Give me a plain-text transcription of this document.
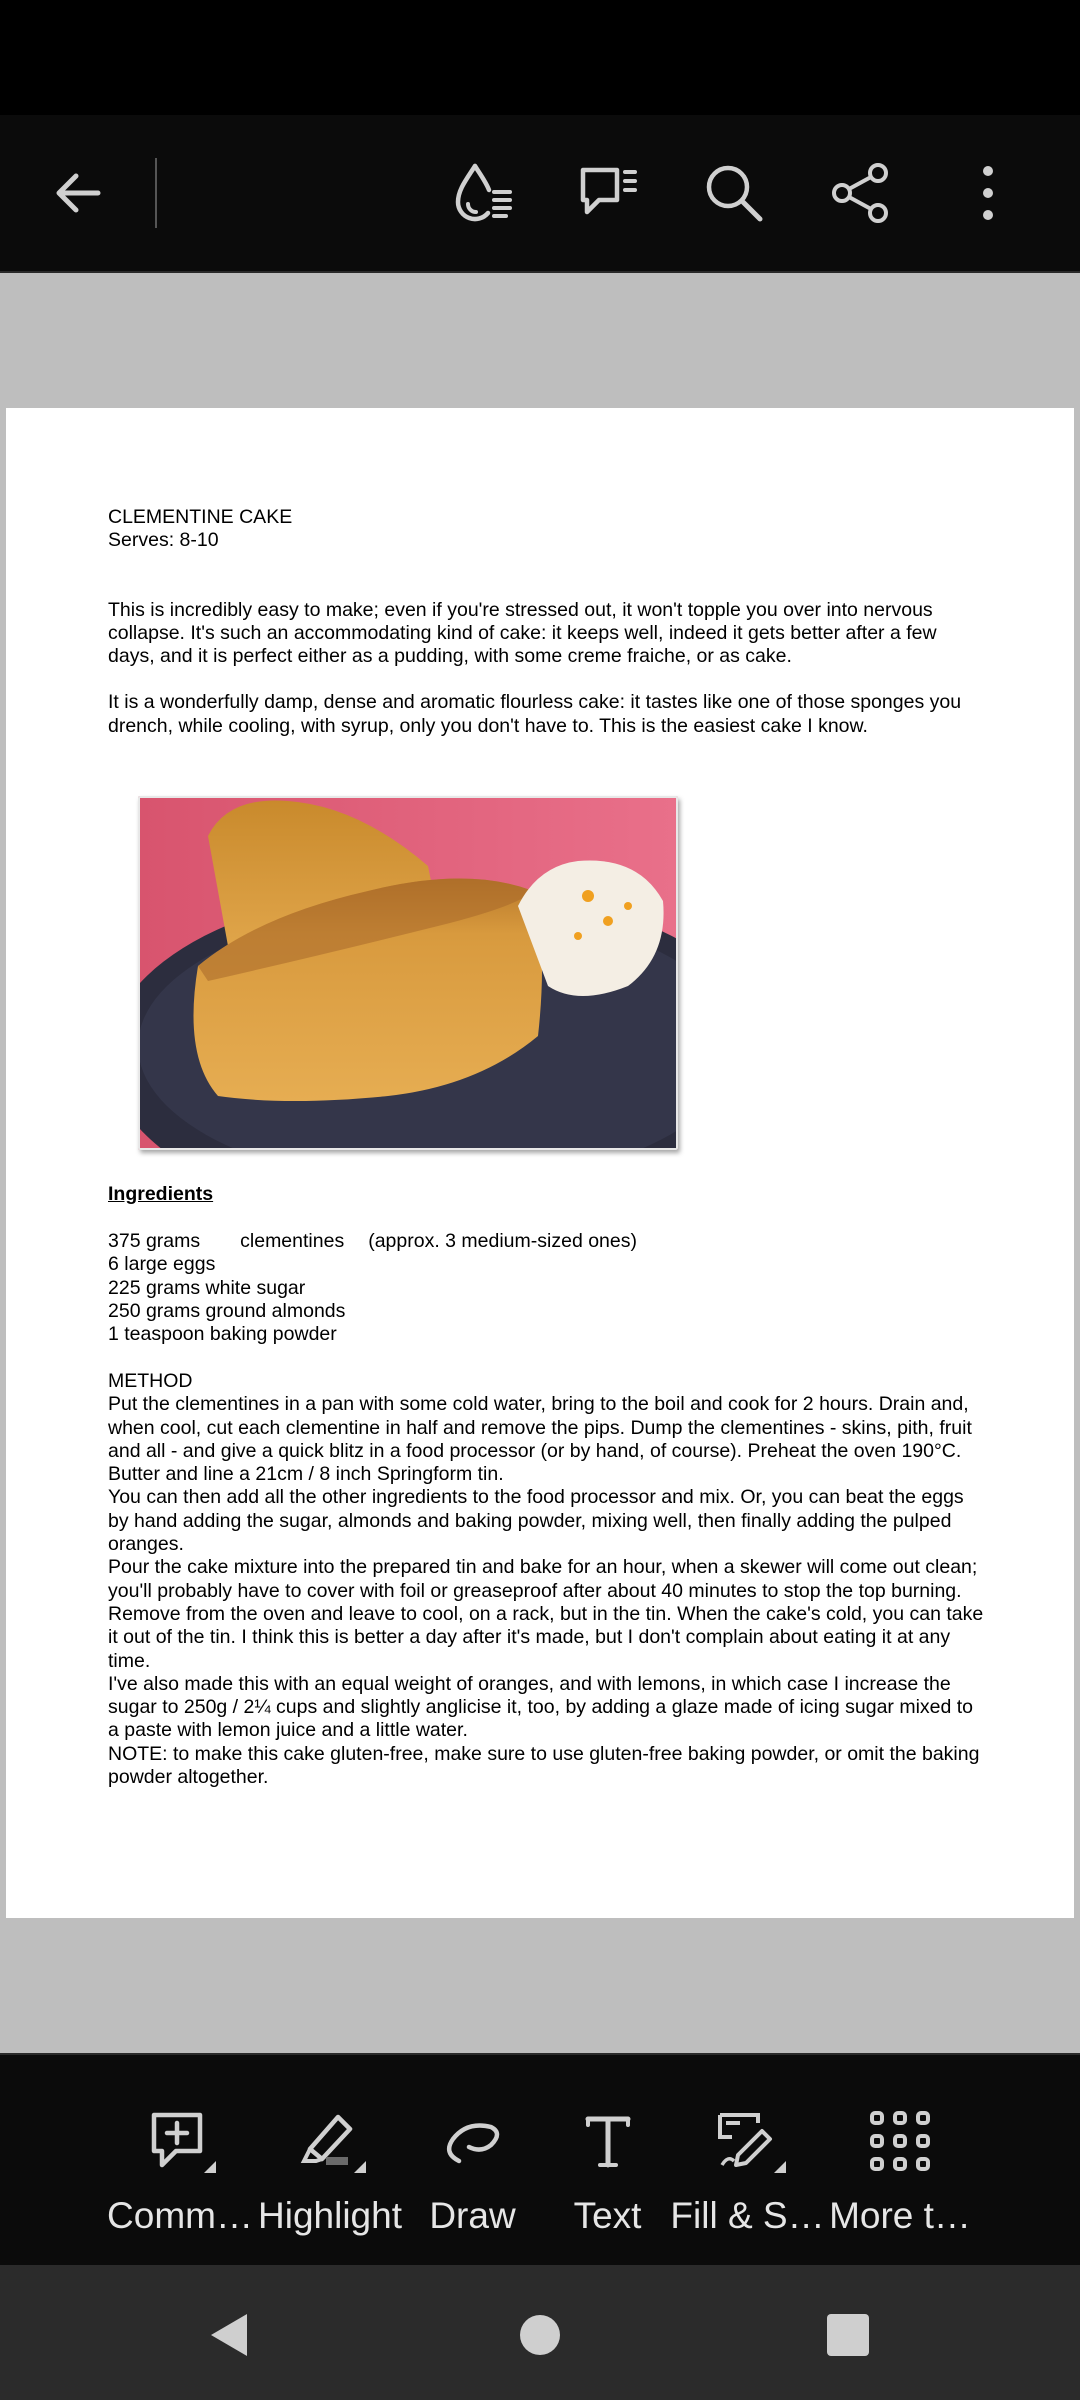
CLEMENTINE CAKE

Serves: 8-10

This is incredibly easy to make; even if you're stressed out, it won't topple you over into nervous collapse. It's such an accommodating kind of cake: it keeps well, indeed it gets better after a few days, and it is perfect either as a pudding, with some creme fraiche, or as cake.

It is a wonderfully damp, dense and aromatic flourless cake: it tastes like one of those sponges you drench, while cooling, with syrup, only you don't have to. This is the easiest cake I know.

Ingredients
375 grams clementines (approx. 3 medium-sized ones)
6 large eggs
225 grams white sugar
250 grams ground almonds
1 teaspoon baking powder

METHOD

Put the clementines in a pan with some cold water, bring to the boil and cook for 2 hours. Drain and, when cool, cut each clementine in half and remove the pips. Dump the clementines - skins, pith, fruit and all - and give a quick blitz in a food processor (or by hand, of course). Preheat the oven 190°C. Butter and line a 21cm / 8 inch Springform tin.

You can then add all the other ingredients to the food processor and mix. Or, you can beat the eggs by hand adding the sugar, almonds and baking powder, mixing well, then finally adding the pulped oranges.

Pour the cake mixture into the prepared tin and bake for an hour, when a skewer will come out clean; you'll probably have to cover with foil or greaseproof after about 40 minutes to stop the top burning. Remove from the oven and leave to cool, on a rack, but in the tin. When the cake's cold, you can take it out of the tin. I think this is better a day after it's made, but I don't complain about eating it at any time.

I've also made this with an equal weight of oranges, and with lemons, in which case I increase the sugar to 250g / 2¼ cups and slightly anglicise it, too, by adding a glaze made of icing sugar mixed to a paste with lemon juice and a little water.

NOTE: to make this cake gluten-free, make sure to use gluten-free baking powder, or omit the baking powder altogether.

Comm… Highlight Draw Text Fill & S… More t…
